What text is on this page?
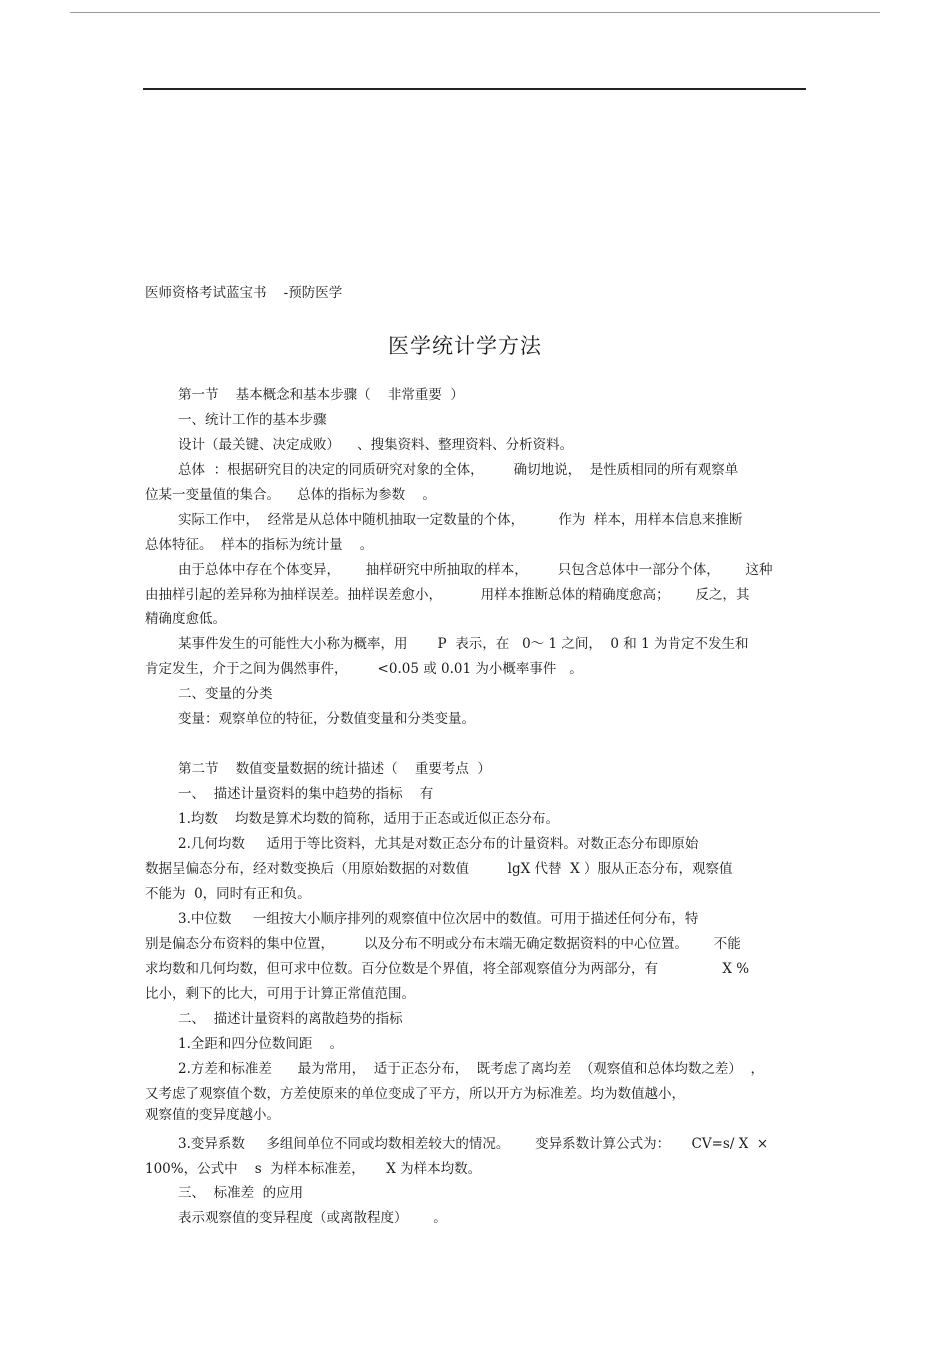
医师资格考试蓝宝书    -预防医学
医学统计学方法
第一节    基本概念和基本步骤（    非常重要  ）
一、统计工作的基本步骤
设计（最关键、决定成败）    、搜集资料、整理资料、分析资料。
总体  ：根据研究目的决定的同质研究对象的全体，       确切地说，  是性质相同的所有观察单
位某一变量值的集合。    总体的指标为参数    。
实际工作中，  经常是从总体中随机抽取一定数量的个体，        作为  样本，用样本信息来推断
总体特征。  样本的指标为统计量    。
由于总体中存在个体变异，      抽样研究中所抽取的样本，       只包含总体中一部分个体，      这种
由抽样引起的差异称为抽样误差。抽样误差愈小，         用样本推断总体的精确度愈高；      反之，其
精确度愈低。
某事件发生的可能性大小称为概率，用       P  表示，在   0～ 1 之间，  0 和 1 为肯定不发生和
肯定发生，介于之间为偶然事件，       <0.05 或 0.01 为小概率事件   。
二、变量的分类
变量：观察单位的特征，分数值变量和分类变量。
第二节    数值变量数据的统计描述（    重要考点  ）
一、  描述计量资料的集中趋势的指标    有
1.均数    均数是算术均数的简称，适用于正态或近似正态分布。
2.几何均数     适用于等比资料，尤其是对数正态分布的计量资料。对数正态分布即原始
数据呈偏态分布，经对数变换后（用原始数据的对数值         lgX 代替  X ）服从正态分布，观察值
不能为  0，同时有正和负。
3.中位数     一组按大小顺序排列的观察值中位次居中的数值。可用于描述任何分布，特
别是偏态分布资料的集中位置，       以及分布不明或分布末端无确定数据资料的中心位置。      不能
求均数和几何均数，但可求中位数。百分位数是个界值，将全部观察值分为两部分，有               X %
比小，剩下的比大，可用于计算正常值范围。
二、  描述计量资料的离散趋势的指标
1.全距和四分位数间距    。
2.方差和标准差      最为常用，  适于正态分布，  既考虑了离均差  （观察值和总体均数之差）  ，
又考虑了观察值个数，方差使原来的单位变成了平方，所以开方为标准差。均为数值越小，
观察值的变异度越小。
3.变异系数     多组间单位不同或均数相差较大的情况。      变异系数计算公式为：     CV=s/ X  ×
100%，公式中    s  为样本标准差，     X 为样本均数。
三、  标准差  的应用
表示观察值的变异程度（或离散程度）      。
